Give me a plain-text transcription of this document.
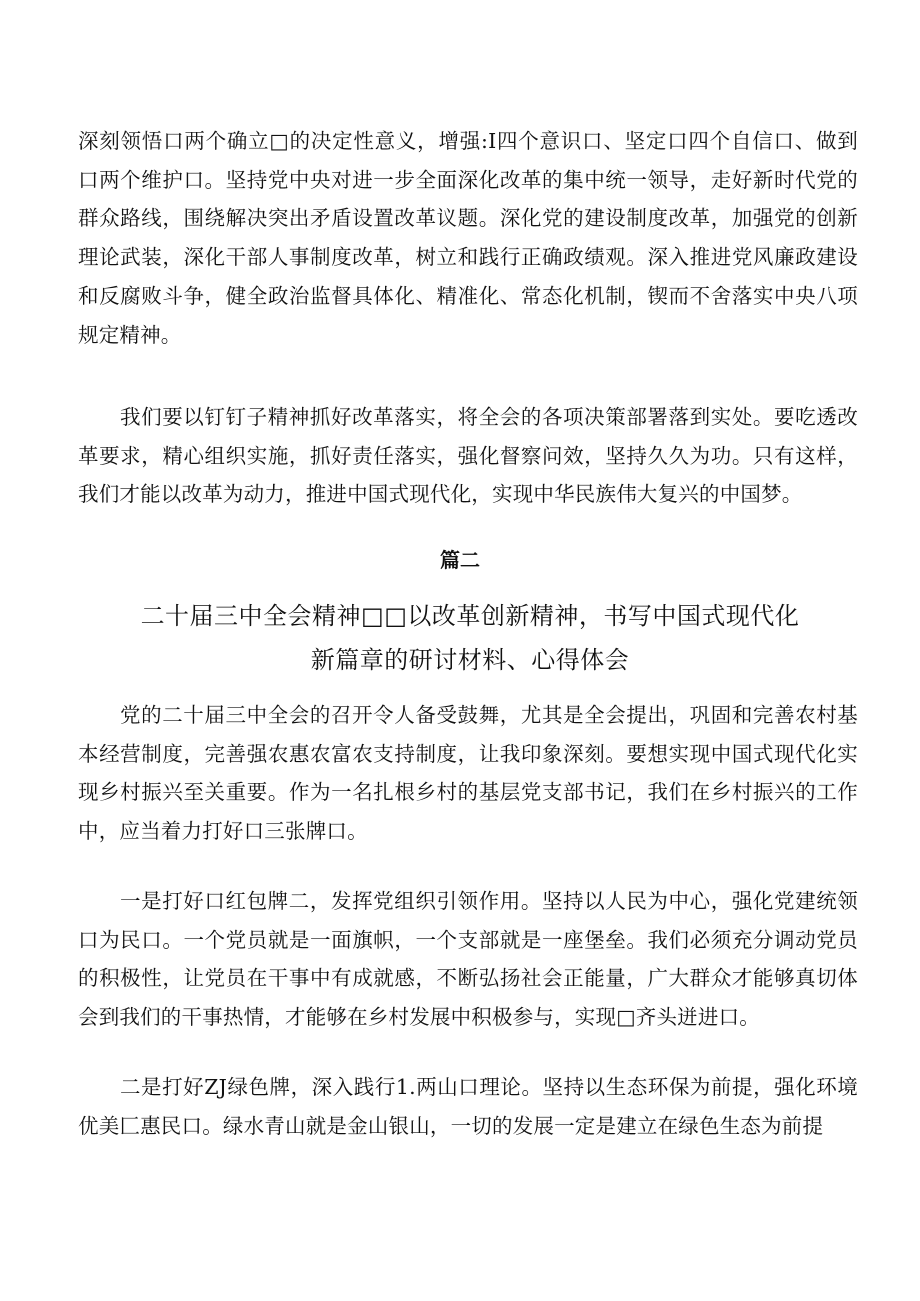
深刻领悟口两个确立□的决定性意义，增强:I四个意识口、坚定口四个自信口、做到口两个维护口。坚持党中央对进一步全面深化改革的集中统一领导，走好新时代党的群众路线，围绕解决突出矛盾设置改革议题。深化党的建设制度改革，加强党的创新理论武装，深化干部人事制度改革，树立和践行正确政绩观。深入推进党风廉政建设和反腐败斗争，健全政治监督具体化、精准化、常态化机制，锲而不舍落实中央八项规定精神。

我们要以钉钉子精神抓好改革落实，将全会的各项决策部署落到实处。要吃透改革要求，精心组织实施，抓好责任落实，强化督察问效，坚持久久为功。只有这样，我们才能以改革为动力，推进中国式现代化，实现中华民族伟大复兴的中国梦。

篇二
二十届三中全会精神□□以改革创新精神，书写中国式现代化
新篇章的研讨材料、心得体会

党的二十届三中全会的召开令人备受鼓舞，尤其是全会提出，巩固和完善农村基本经营制度，完善强农惠农富农支持制度，让我印象深刻。要想实现中国式现代化实现乡村振兴至关重要。作为一名扎根乡村的基层党支部书记，我们在乡村振兴的工作中，应当着力打好口三张牌口。

一是打好口红包牌二，发挥党组织引领作用。坚持以人民为中心，强化党建统领口为民口。一个党员就是一面旗帜，一个支部就是一座堡垒。我们必须充分调动党员的积极性，让党员在干事中有成就感，不断弘扬社会正能量，广大群众才能够真切体会到我们的干事热情，才能够在乡村发展中积极参与，实现□齐头迸进口。

二是打好ZJ绿色牌，深入践行1.两山口理论。坚持以生态环保为前提，强化环境优美匚惠民口。绿水青山就是金山银山，一切的发展一定是建立在绿色生态为前提
